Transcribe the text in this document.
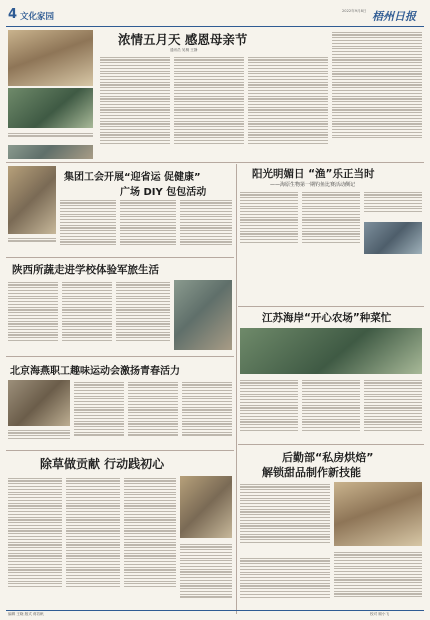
4 文化家园
2022年9月8日 梧州日报
浓情五月天 感恩母亲节
通讯员 吴桐 王静
集团工会开展“迎省运 促健康”
广场 DIY 包包活动
阳光明媚日 “渔”乐正当时
——海原生物第一期钓鱼比赛活动侧记
陕西所蔬走进学校体验军旅生活
江苏海岸“开心农场”种菜忙
北京海燕职工趣味运动会激扬青春活力
除草做贡献 行动践初心	后勤部“私房烘焙”
解锁甜品制作新技能
编辑 王晓 版式 蒋若帆	校对 顾小飞
